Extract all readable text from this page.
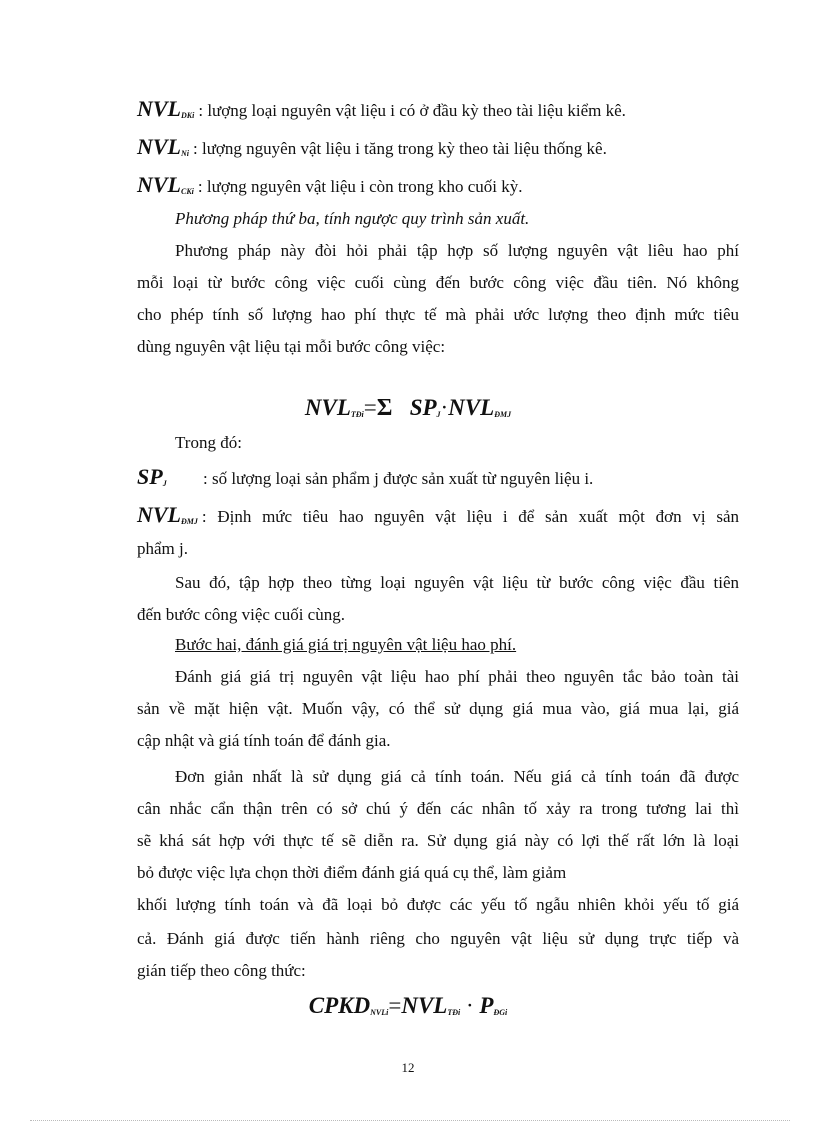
$NVL_{DKi}$ : lượng loại nguyên vật liệu i có ở đầu kỳ theo tài liệu kiểm kê.
$NVL_{Ni}$ : lượng nguyên vật liệu i tăng trong kỳ theo tài liệu thống kê.
$NVL_{CKi}$ : lượng nguyên vật liệu i còn trong kho cuối kỳ.
Phương pháp thứ ba, tính ngược quy trình sản xuất.
Phương pháp này đòi hỏi phải tập hợp số lượng nguyên vật liêu hao phí
mỗi loại từ bước công việc cuối cùng đến bước công việc đầu tiên. Nó không
cho phép tính số lượng hao phí thực tế mà phải ước lượng theo định mức tiêu
dùng nguyên vật liệu tại mỗi bước công việc:
$NVL_{TĐi}=\Sigma$ $SP_J\cdot NVL_{ĐMJ}$
Trong đó:
$SP_J$ : số lượng loại sản phẩm j được sản xuất từ nguyên liệu i.
$NVL_{ĐMJ}$ : Định mức tiêu hao nguyên vật liệu i để sản xuất một đơn vị sản
phẩm j.
Sau đó, tập hợp theo từng loại nguyên vật liệu từ bước công việc đầu tiên
đến bước công việc cuối cùng.
Bước hai, đánh giá giá trị nguyên vật liệu hao phí.
Đánh giá giá trị nguyên vật liệu hao phí phải theo nguyên tắc bảo toàn tài
sản về mặt hiện vật. Muốn vậy, có thể sử dụng giá mua vào, giá mua lại, giá
cập nhật và giá tính toán để đánh gia.
Đơn giản nhất là sử dụng giá cả tính toán. Nếu giá cả tính toán đã được
cân nhắc cẩn thận trên có sở chú ý đến các nhân tố xảy ra trong tương lai thì
sẽ khá sát hợp với thực tế sẽ diễn ra. Sử dụng giá này có lợi thế rất lớn là loại
bỏ được việc lựa chọn thời điểm đánh giá quá cụ thể, làm giảm
khối lượng tính toán và đã loại bỏ được các yếu tố ngẫu nhiên khỏi yếu tố giá
cả. Đánh giá được tiến hành riêng cho nguyên vật liệu sử dụng trực tiếp và
gián tiếp theo công thức:
$CPKD_{NVLi}=NVL_{TĐi} \cdot P_{ĐGi}$
12
